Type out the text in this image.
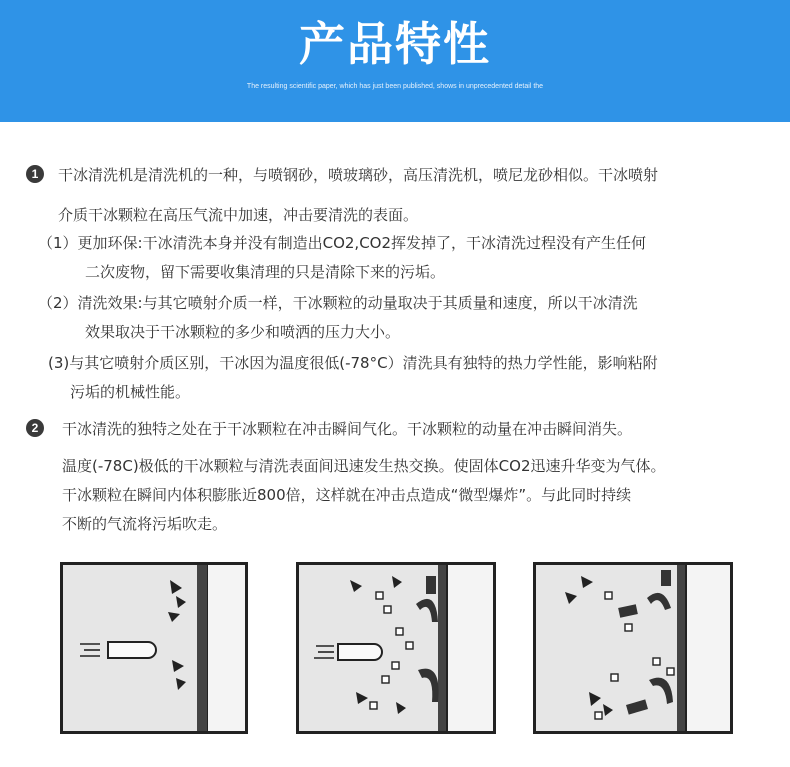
产品特性
The resulting scientific paper, which has just been published, shows in unprecedented detail the
1	干冰清洗机是清洗机的一种，与喷钢砂，喷玻璃砂，高压清洗机，喷尼龙砂相似。干冰喷射
介质干冰颗粒在高压气流中加速，冲击要清洗的表面。
（1）更加环保:干冰清洗本身并没有制造出CO2,CO2挥发掉了，干冰清洗过程没有产生任何
二次废物，留下需要收集清理的只是清除下来的污垢。
（2）清洗效果:与其它喷射介质一样，干冰颗粒的动量取决于其质量和速度，所以干冰清洗
效果取决于干冰颗粒的多少和喷洒的压力大小。
(3)与其它喷射介质区别，干冰因为温度很低(-78°C）清洗具有独特的热力学性能，影响粘附
污垢的机械性能。
2	干冰清洗的独特之处在于干冰颗粒在冲击瞬间气化。干冰颗粒的动量在冲击瞬间消失。
温度(-78C)极低的干冰颗粒与清洗表面间迅速发生热交换。使固体CO2迅速升华变为气体。
干冰颗粒在瞬间内体积膨胀近800倍，这样就在冲击点造成“微型爆炸”。与此同时持续
不断的气流将污垢吹走。
